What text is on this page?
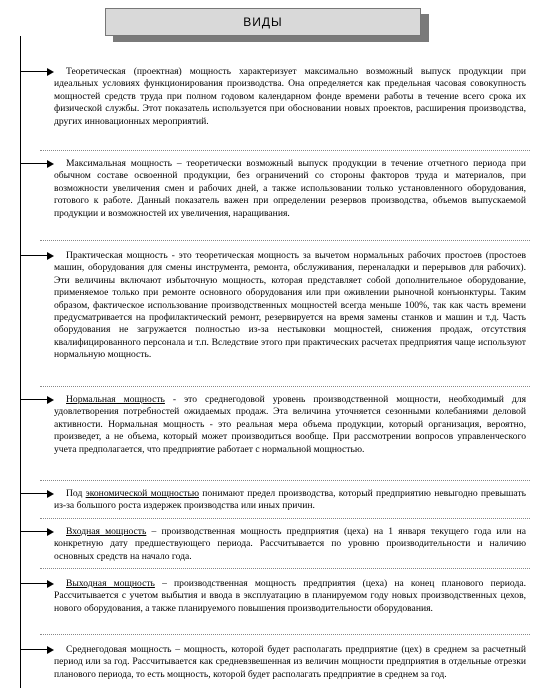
ВИДЫ
Теоретическая (проектная) мощность характеризует максимально возможный выпуск продукции при идеальных условиях функционирования производства. Она определяется как предельная часовая совокупность мощностей средств труда при полном годовом календарном фонде времени работы в течение всего срока их физической службы. Этот показатель используется при обосновании новых проектов, расширения производства, других инновационных мероприятий.
Максимальная мощность – теоретически возможный выпуск продукции в течение отчетного периода при обычном составе освоенной продукции, без ограничений со стороны факторов труда и материалов, при возможности увеличения смен и рабочих дней, а также использовании только установленного оборудования, готового к работе. Данный показатель важен при определении резервов производства, объемов выпускаемой продукции и возможностей их увеличения, наращивания.
Практическая мощность - это теоретическая мощность за вычетом нормальных рабочих простоев (простоев машин, оборудования для смены инструмента, ремонта, обслуживания, переналадки и перерывов для рабочих). Эти величины включают избыточную мощность, которая представляет собой дополнительное оборудование, применяемое только при ремонте основного оборудования или при оживлении рыночной конъюнктуры. Таким образом, фактическое использование производственных мощностей всегда меньше 100%, так как часть времени предусматривается на профилактический ремонт, резервируется на время замены станков и машин и т.д. Часть оборудования не загружается полностью из-за нестыковки мощностей, снижения продаж, отсутствия квалифицированного персонала и т.п. Вследствие этого при практических расчетах предприятия чаще используют нормальную мощность.
Нормальная мощность - это среднегодовой уровень производственной мощности, необходимый для удовлетворения потребностей ожидаемых продаж. Эта величина уточняется сезонными колебаниями деловой активности. Нормальная мощность - это реальная мера объема продукции, который организация, вероятно, произведет, а не объема, который может производиться вообще. При рассмотрении вопросов управленческого учета предполагается, что предприятие работает с нормальной мощностью.
Под экономической мощностью понимают предел производства, который предприятию невыгодно превышать из-за большого роста издержек производства или иных причин.
Входная мощность – производственная мощность предприятия (цеха) на 1 января текущего года или на конкретную дату предшествующего периода. Рассчитывается по уровню производительности и наличию основных средств на начало года.
Выходная мощность – производственная мощность предприятия (цеха) на конец планового периода. Рассчитывается с учетом выбытия и ввода в эксплуатацию в планируемом году новых производственных цехов, нового оборудования, а также планируемого повышения производительности оборудования.
Среднегодовая мощность – мощность, которой будет располагать предприятие (цех) в среднем за расчетный период или за год. Рассчитывается как средневзвешенная из величин мощности предприятия в отдельные отрезки планового периода, то есть мощность, которой будет располагать предприятие в среднем за год.
